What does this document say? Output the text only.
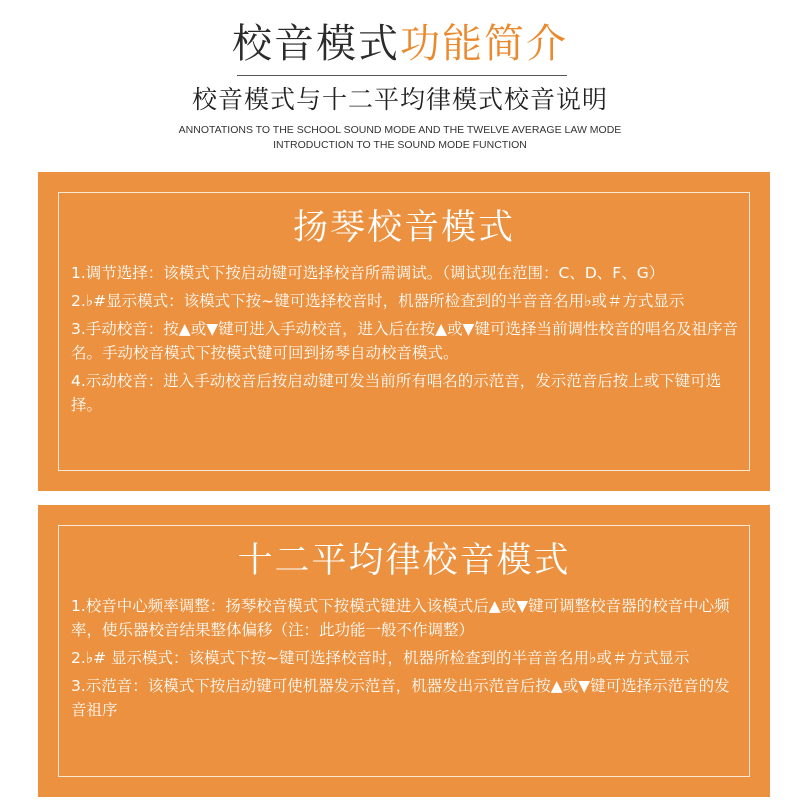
校音模式功能简介
校音模式与十二平均律模式校音说明
ANNOTATIONS TO THE SCHOOL SOUND MODE AND THE TWELVE AVERAGE LAW MODE
INTRODUCTION TO THE SOUND MODE FUNCTION
扬琴校音模式
1.调节选择：该模式下按启动键可选择校音所需调试。（调试现在范围：C、D、F、G）
2.♭#显示模式：该模式下按~键可选择校音时，机器所检查到的半音音名用♭或＃方式显示
3.手动校音：按▲或▼键可进入手动校音，进入后在按▲或▼键可选择当前调性校音的唱名及祖序音名。手动校音模式下按模式键可回到扬琴自动校音模式。
4.示动校音：进入手动校音后按启动键可发当前所有唱名的示范音，发示范音后按上或下键可选择。
十二平均律校音模式
1.校音中心频率调整：扬琴校音模式下按模式键进入该模式后▲或▼键可调整校音器的校音中心频率，使乐器校音结果整体偏移（注：此功能一般不作调整）
2.♭# 显示模式：该模式下按~键可选择校音时，机器所检查到的半音音名用♭或＃方式显示
3.示范音：该模式下按启动键可使机器发示范音，机器发出示范音后按▲或▼键可选择示范音的发音祖序
